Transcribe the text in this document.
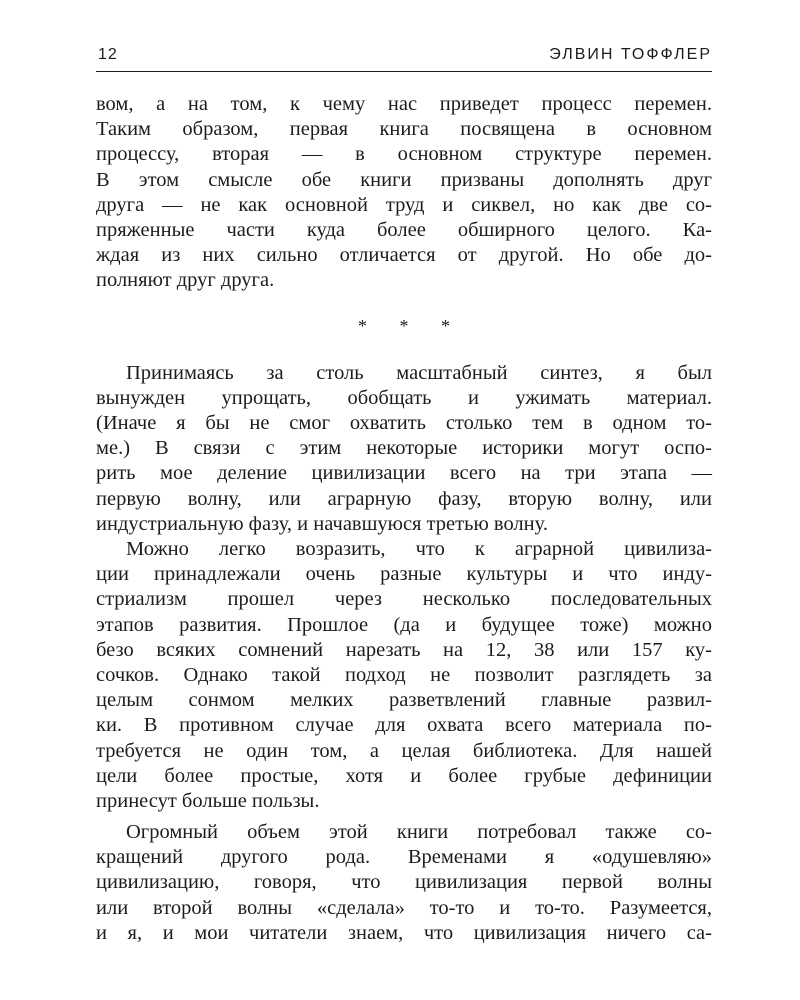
12	ЭЛВИН ТОФФЛЕР
вом, а на том, к чему нас приведет процесс перемен.
Таким образом, первая книга посвящена в основном
процессу, вторая — в основном структуре перемен.
В этом смысле обе книги призваны дополнять друг
друга — не как основной труд и сиквел, но как две со-
пряженные части куда более обширного целого. Ка-
ждая из них сильно отличается от другой. Но обе до-
полняют друг друга.
* * *
Принимаясь за столь масштабный синтез, я был
вынужден упрощать, обобщать и ужимать материал.
(Иначе я бы не смог охватить столько тем в одном то-
ме.) В связи с этим некоторые историки могут оспо-
рить мое деление цивилизации всего на три этапа —
первую волну, или аграрную фазу, вторую волну, или
индустриальную фазу, и начавшуюся третью волну.
Можно легко возразить, что к аграрной цивилиза-
ции принадлежали очень разные культуры и что инду-
стриализм прошел через несколько последовательных
этапов развития. Прошлое (да и будущее тоже) можно
безо всяких сомнений нарезать на 12, 38 или 157 ку-
сочков. Однако такой подход не позволит разглядеть за
целым сонмом мелких разветвлений главные развил-
ки. В противном случае для охвата всего материала по-
требуется не один том, а целая библиотека. Для нашей
цели более простые, хотя и более грубые дефиниции
принесут больше пользы.
Огромный объем этой книги потребовал также со-
кращений другого рода. Временами я «одушевляю»
цивилизацию, говоря, что цивилизация первой волны
или второй волны «сделала» то-то и то-то. Разумеется,
и я, и мои читатели знаем, что цивилизация ничего са-
